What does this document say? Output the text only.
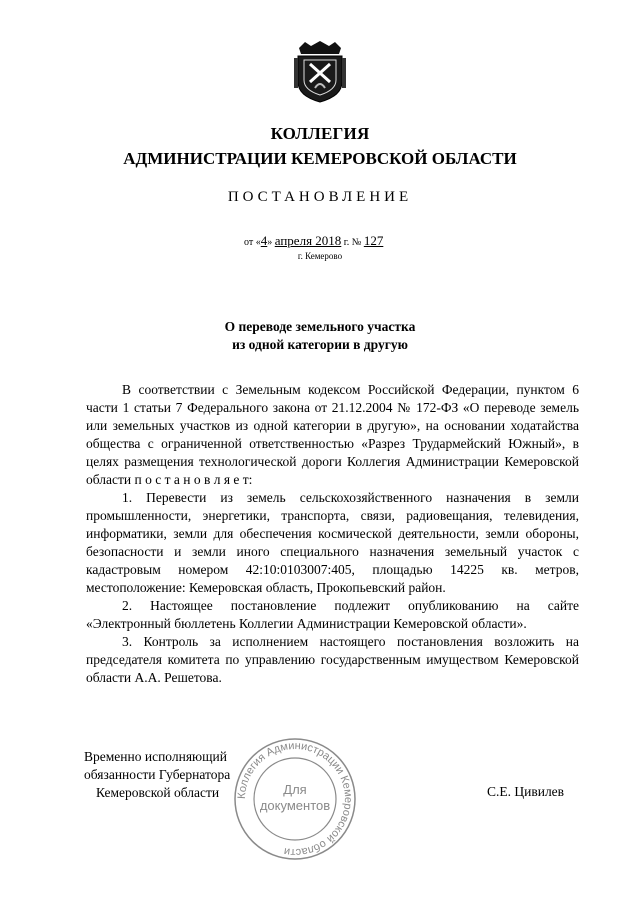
КОЛЛЕГИЯ
АДМИНИСТРАЦИИ КЕМЕРОВСКОЙ ОБЛАСТИ
ПОСТАНОВЛЕНИЕ
от «4» апреля 2018 г. № 127
г. Кемерово
О переводе земельного участка
из одной категории в другую

В соответствии с Земельным кодексом Российской Федерации, пунктом 6 части 1 статьи 7 Федерального закона от 21.12.2004 № 172-ФЗ «О переводе земель или земельных участков из одной категории в другую», на основании ходатайства общества с ограниченной ответственностью «Разрез Трудармейский Южный», в целях размещения технологической дороги Коллегия Администрации Кемеровской области п о с т а н о в л я е т:

1. Перевести из земель сельскохозяйственного назначения в земли промышленности, энергетики, транспорта, связи, радиовещания, телевидения, информатики, земли для обеспечения космической деятельности, земли обороны, безопасности и земли иного специального назначения земельный участок с кадастровым номером 42:10:0103007:405, площадью 14225 кв. метров, местоположение: Кемеровская область, Прокопьевский район.

2. Настоящее постановление подлежит опубликованию на сайте «Электронный бюллетень Коллегии Администрации Кемеровской области».

3. Контроль за исполнением настоящего постановления возложить на председателя комитета по управлению государственным имуществом Кемеровской области А.А. Решетова.

Временно исполняющий
обязанности Губернатора
Кемеровской области	С.Е. Цивилев
Коллегия Администрации Кемеровской области
Для
документов
